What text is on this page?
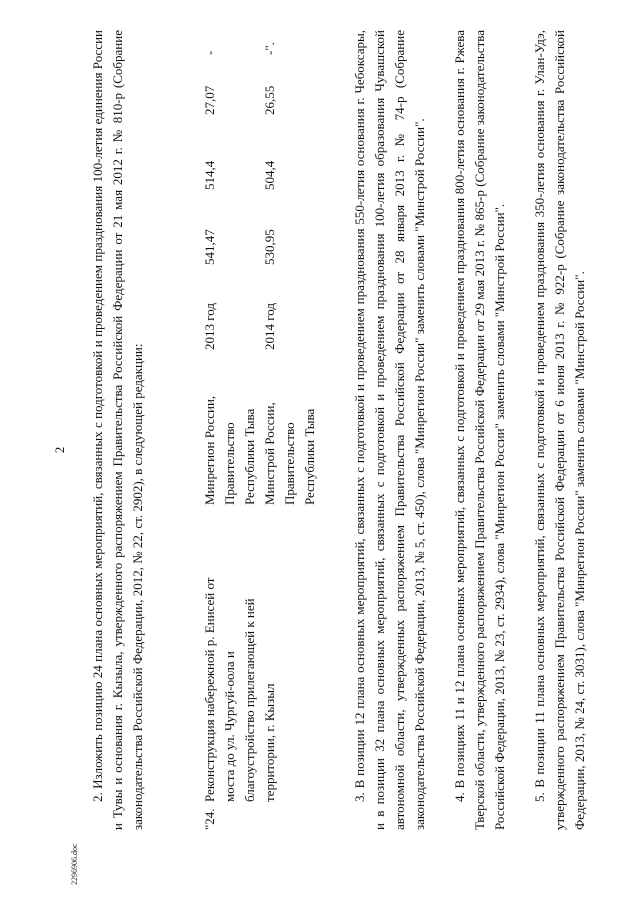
2 2. Изложить позицию 24 плана основных мероприятий, связанных с подготовкой и проведением празднования 100-летия единения России и Тувы и основания г. Кызыла, утвержденного распоряжением Правительства Российской Федерации от 21 мая 2012 г. № 810-р (Собрание законодательства Российской Федерации, 2012, № 22, ст. 2902), в следующей редакции:	"24.
Реконструкция набережной р. Енисей от моста до ул. Чургуй-оола и благоустройство прилегающей к ней территории, г. Кызыл
Минрегион России, Правительство Республики Тыва
2013 год
541,47
514,4
27,07
-
Минстрой России, Правительство Республики Тыва
2014 год
530,95
504,4
26,55
-".	3. В позиции 12 плана основных мероприятий, связанных с подготовкой и проведением празднования 550-летия основания г. Чебоксары, и в позиции 32 плана основных мероприятий, связанных с подготовкой и проведением празднования 100-летия образования Чувашской автономной области, утвержденных распоряжением Правительства Российской Федерации от 28 января 2013 г. № 74-р (Собрание законодательства Российской Федерации, 2013, № 5, ст. 450), слова "Минрегион России" заменить словами "Минстрой России". 4. В позициях 11 и 12 плана основных мероприятий, связанных с подготовкой и проведением празднования 800-летия основания г. Ржева Тверской области, утвержденного распоряжением Правительства Российской Федерации от 29 мая 2013 г. № 865-р (Собрание законодательства Российской Федерации, 2013, № 23, ст. 2934), слова "Минрегион России" заменить словами "Минстрой России". 5. В позиции 11 плана основных мероприятий, связанных с подготовкой и проведением празднования 350-летия основания г. Улан-Удэ, утвержденного распоряжением Правительства Российской Федерации от 6 июня 2013 г. № 922-р (Собрание законодательства Российской Федерации, 2013, № 24, ст. 3031), слова "Минрегион России" заменить словами "Минстрой России".

2296906.doc
